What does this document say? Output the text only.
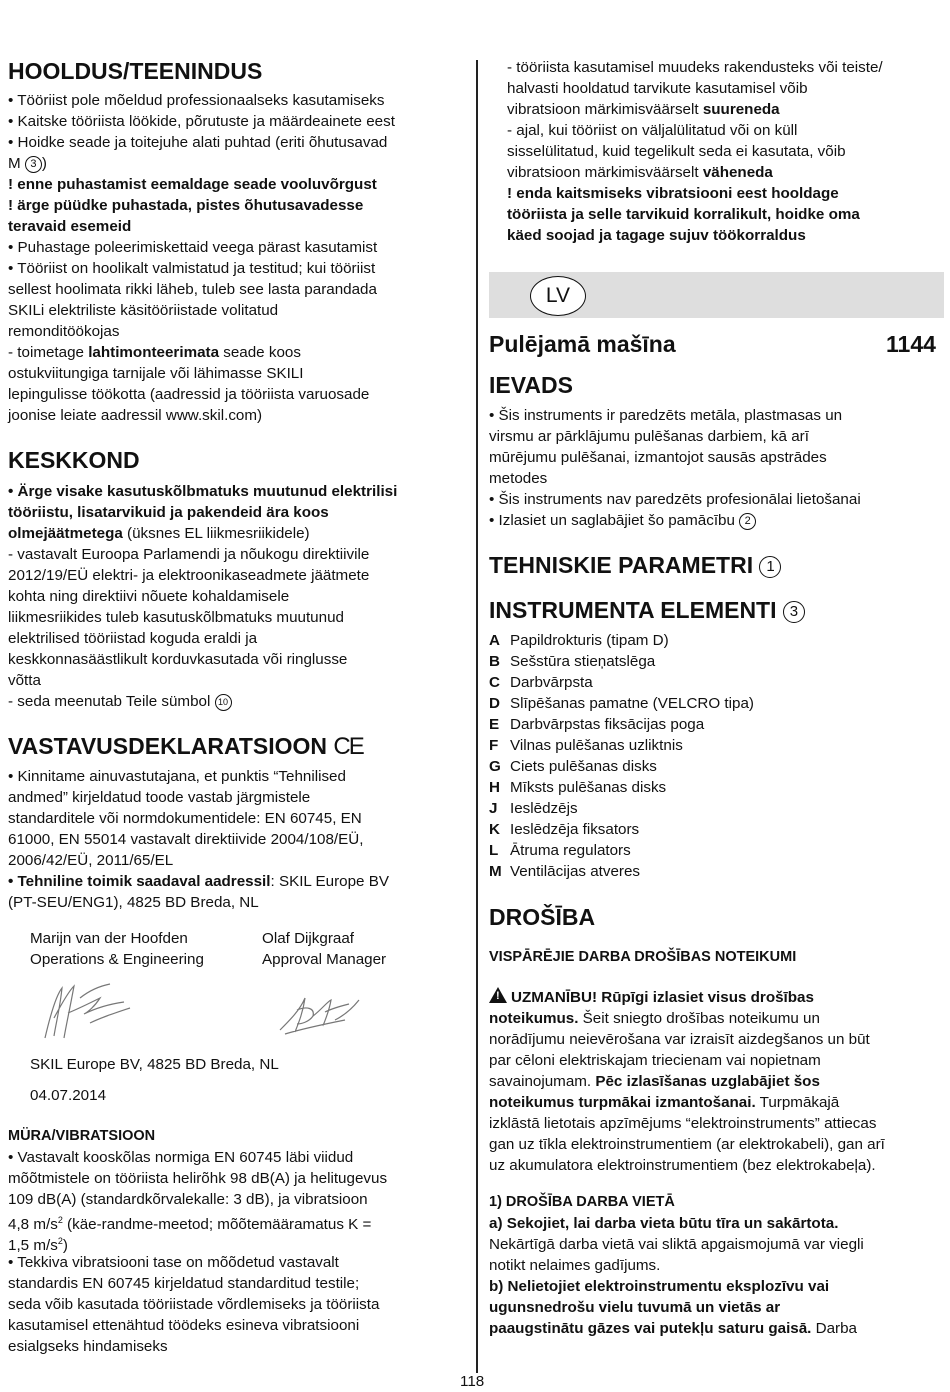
HOOLDUS/TEENINDUS
• Tööriist pole mõeldud professionaalseks kasutamiseks
• Kaitske tööriista löökide, põrutuste ja määrdeainete eest
• Hoidke seade ja toitejuhe alati puhtad (eriti õhutusavad
M 3 )
! enne puhastamist eemaldage seade vooluvõrgust
! ärge püüdke puhastada, pistes õhutusavadesse
teravaid esemeid
• Puhastage poleerimiskettaid veega pärast kasutamist
• Tööriist on hoolikalt valmistatud ja testitud; kui tööriist
sellest hoolimata rikki läheb, tuleb see lasta parandada
SKILi elektriliste käsitööriistade volitatud
remonditöökojas
- toimetage lahtimonteerimata seade koos
ostukviitungiga tarnijale või lähimasse SKILI
lepingulisse töökotta (aadressid ja tööriista varuosade
joonise leiate aadressil www.skil.com)
KESKKOND
• Ärge visake kasutuskõlbmatuks muutunud elektrilisi
tööriistu, lisatarvikuid ja pakendeid ära koos
olmejäätmetega (üksnes EL liikmesriikidele)
- vastavalt Euroopa Parlamendi ja nõukogu direktiivile
2012/19/EÜ elektri- ja elektroonikaseadmete jäätmete
kohta ning direktiivi nõuete kohaldamisele
liikmesriikides tuleb kasutuskõlbmatuks muutunud
elektrilised tööriistad koguda eraldi ja
keskkonnasäästlikult korduvkasutada või ringlusse
võtta
- seda meenutab Teile sümbol 10
VASTAVUSDEKLARATSIOON CE
• Kinnitame ainuvastutajana, et punktis “Tehnilised
andmed” kirjeldatud toode vastab järgmistele
standarditele või normdokumentidele: EN 60745, EN
61000, EN 55014 vastavalt direktiivide 2004/108/EÜ,
2006/42/EÜ, 2011/65/EL
• Tehniline toimik saadaval aadressil: SKIL Europe BV
(PT-SEU/ENG1), 4825 BD Breda, NL
Marijn van der Hoofden
Operations & Engineering
Olaf Dijkgraaf
Approval Manager
SKIL Europe BV, 4825 BD Breda, NL
04.07.2014
MÜRA/VIBRATSIOON
• Vastavalt kooskõlas normiga EN 60745 läbi viidud
mõõtmistele on tööriista helirõhk 98 dB(A) ja helitugevus
109 dB(A) (standardkõrvalekalle: 3 dB), ja vibratsioon
4,8 $m/s^2$ (käe-randme-meetod; mõõtemääramatus K =
1,5 $m/s^2$)
• Tekkiva vibratsiooni tase on mõõdetud vastavalt
standardis EN 60745 kirjeldatud standarditud testile;
seda võib kasutada tööriistade võrdlemiseks ja tööriista
kasutamisel ettenähtud töödeks esineva vibratsiooni
esialgseks hindamiseks
- tööriista kasutamisel muudeks rakendusteks või teiste/
halvasti hooldatud tarvikute kasutamisel võib
vibratsioon märkimisväärselt suureneda
- ajal, kui tööriist on väljalülitatud või on küll
sisselülitatud, kuid tegelikult seda ei kasutata, võib
vibratsioon märkimisväärselt väheneda
! enda kaitsmiseks vibratsiooni eest hooldage
tööriista ja selle tarvikuid korralikult, hoidke oma
käed soojad ja tagage sujuv töökorraldus
LV
Pulējamā mašīna	1144
IEVADS
• Šis instruments ir paredzēts metāla, plastmasas un
virsmu ar pārklājumu pulēšanas darbiem, kā arī
mūrējumu pulēšanai, izmantojot sausās apstrādes
metodes
• Šis instruments nav paredzēts profesionālai lietošanai
• Izlasiet un saglabājiet šo pamācību 2
TEHNISKIE PARAMETRI 1
INSTRUMENTA ELEMENTI 3
A Papildrokturis (tipam D)
B Sešstūra stieņatslēga
C Darbvārpsta
D Slīpēšanas pamatne (VELCRO tipa)
E Darbvārpstas fiksācijas poga
F Vilnas pulēšanas uzliktnis
G Ciets pulēšanas disks
H Mīksts pulēšanas disks
J Ieslēdzējs
K Ieslēdzēja fiksators
L Ātruma regulators
M Ventilācijas atveres
DROŠĪBA
VISPĀRĒJIE DARBA DROŠĪBAS NOTEIKUMI
! UZMANĪBU! Rūpīgi izlasiet visus drošības
noteikumus. Šeit sniegto drošības noteikumu un
norādījumu neievērošana var izraisīt aizdegšanos un būt
par cēloni elektriskajam triecienam vai nopietnam
savainojumam. Pēc izlasīšanas uzglabājiet šos
noteikumus turpmākai izmantošanai. Turpmākajā
izklāstā lietotais apzīmējums “elektroinstruments” attiecas
gan uz tīkla elektroinstrumentiem (ar elektrokabeli), gan arī
uz akumulatora elektroinstrumentiem (bez elektrokabeļa).
1) DROŠĪBA DARBA VIETĀ
a) Sekojiet, lai darba vieta būtu tīra un sakārtota.
Nekārtīgā darba vietā vai sliktā apgaismojumā var viegli
notikt nelaimes gadījums.
b) Nelietojiet elektroinstrumentu eksplozīvu vai
ugunsnedrošu vielu tuvumā un vietās ar
paaugstinātu gāzes vai putekļu saturu gaisā. Darba
118
